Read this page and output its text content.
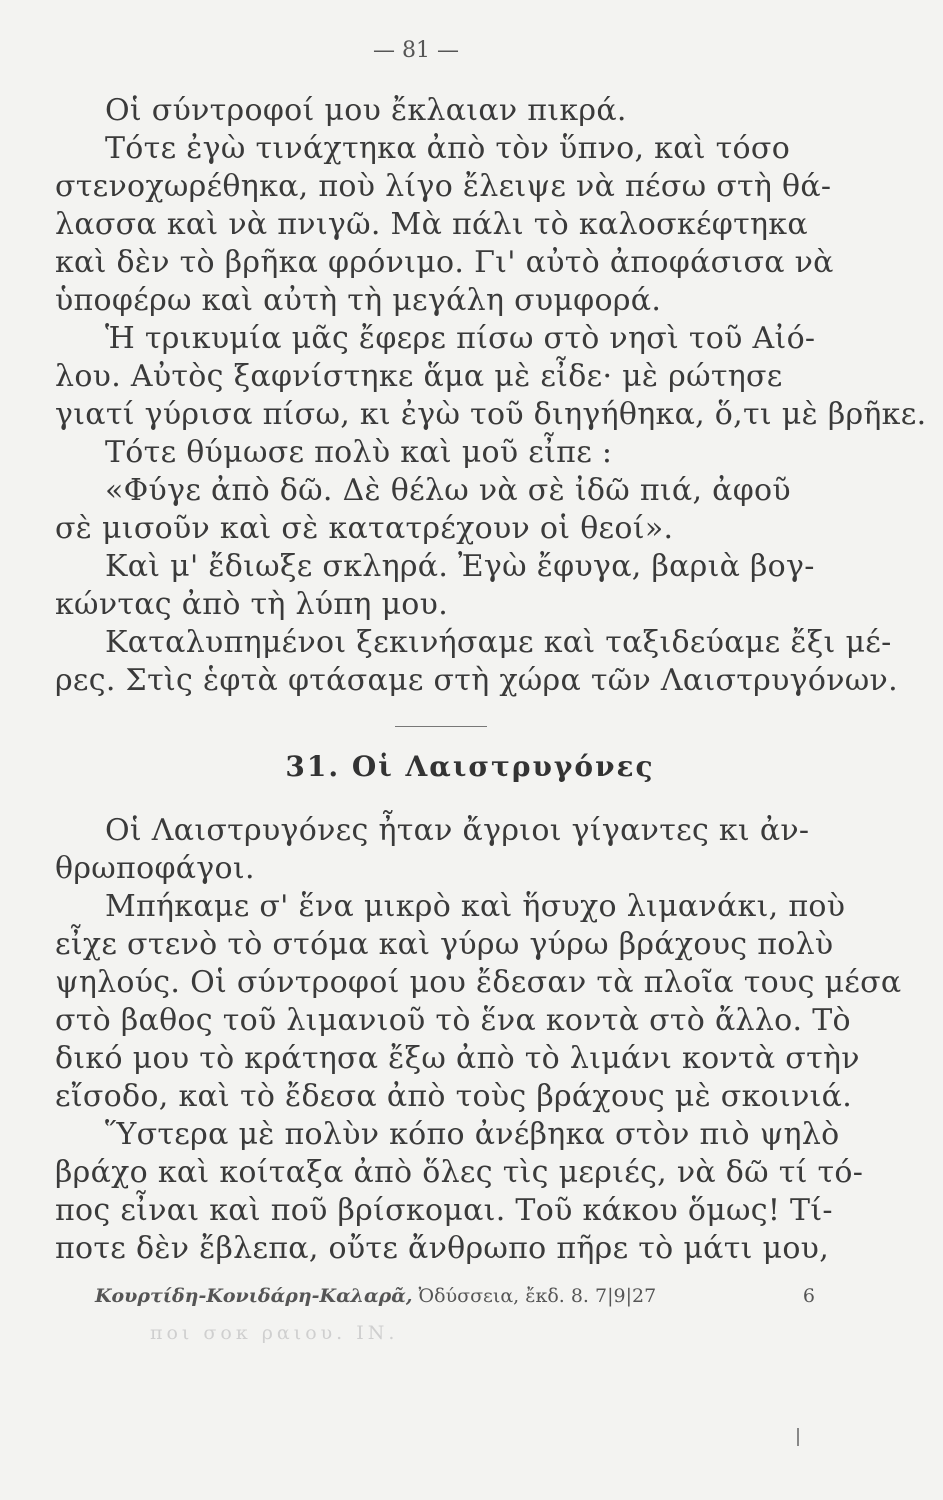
— 81 —
Οἱ σύντροφοί μου ἔκλαιαν πικρά.
Τότε ἐγὼ τινάχτηκα ἀπὸ τὸν ὕπνο, καὶ τόσο
στενοχωρέθηκα, ποὺ λίγο ἔλειψε νὰ πέσω στὴ θά-
λασσα καὶ νὰ πνιγῶ. Μὰ πάλι τὸ καλοσκέφτηκα
καὶ δὲν τὸ βρῆκα φρόνιμο. Γι' αὐτὸ ἀποφάσισα νὰ
ὑποφέρω καὶ αὐτὴ τὴ μεγάλη συμφορά.
Ἡ τρικυμία μᾶς ἔφερε πίσω στὸ νησὶ τοῦ Αἰό-
λου. Αὐτὸς ξαφνίστηκε ἅμα μὲ εἶδε· μὲ ρώτησε
γιατί γύρισα πίσω, κι ἐγὼ τοῦ διηγήθηκα, ὅ,τι μὲ βρῆκε.
Τότε θύμωσε πολὺ καὶ μοῦ εἶπε :
«Φύγε ἀπὸ δῶ. Δὲ θέλω νὰ σὲ ἰδῶ πιά, ἀφοῦ
σὲ μισοῦν καὶ σὲ κατατρέχουν οἱ θεοί».
Καὶ μ' ἔδιωξε σκληρά. Ἐγὼ ἔφυγα, βαριὰ βογ-
κώντας ἀπὸ τὴ λύπη μου.
Καταλυπημένοι ξεκινήσαμε καὶ ταξιδεύαμε ἔξι μέ-
ρες. Στὶς ἑφτὰ φτάσαμε στὴ χώρα τῶν Λαιστρυγόνων.
31. Οἱ Λαιστρυγόνες
Οἱ Λαιστρυγόνες ἦταν ἄγριοι γίγαντες κι ἀν-
θρωποφάγοι.
Μπήκαμε σ' ἕνα μικρὸ καὶ ἥσυχο λιμανάκι, ποὺ
εἶχε στενὸ τὸ στόμα καὶ γύρω γύρω βράχους πολὺ
ψηλούς. Οἱ σύντροφοί μου ἔδεσαν τὰ πλοῖα τους μέσα
στὸ βαθος τοῦ λιμανιοῦ τὸ ἕνα κοντὰ στὸ ἄλλο. Τὸ
δικό μου τὸ κράτησα ἔξω ἀπὸ τὸ λιμάνι κοντὰ στὴν
εἴσοδο, καὶ τὸ ἔδεσα ἀπὸ τοὺς βράχους μὲ σκοινιά.
Ὕστερα μὲ πολὺν κόπο ἀνέβηκα στὸν πιὸ ψηλὸ
βράχο καὶ κοίταξα ἀπὸ ὅλες τὶς μεριές, νὰ δῶ τί τό-
πος εἶναι καὶ ποῦ βρίσκομαι. Τοῦ κάκου ὅμως! Τί-
ποτε δὲν ἔβλεπα, οὔτε ἄνθρωπο πῆρε τὸ μάτι μου,
Κουρτίδη-Κονιδάρη-Καλαρᾶ, Ὀδύσσεια, ἔκδ. 8. 7|9|27	6
ποι σοκ ραιου. ΙΝ.
